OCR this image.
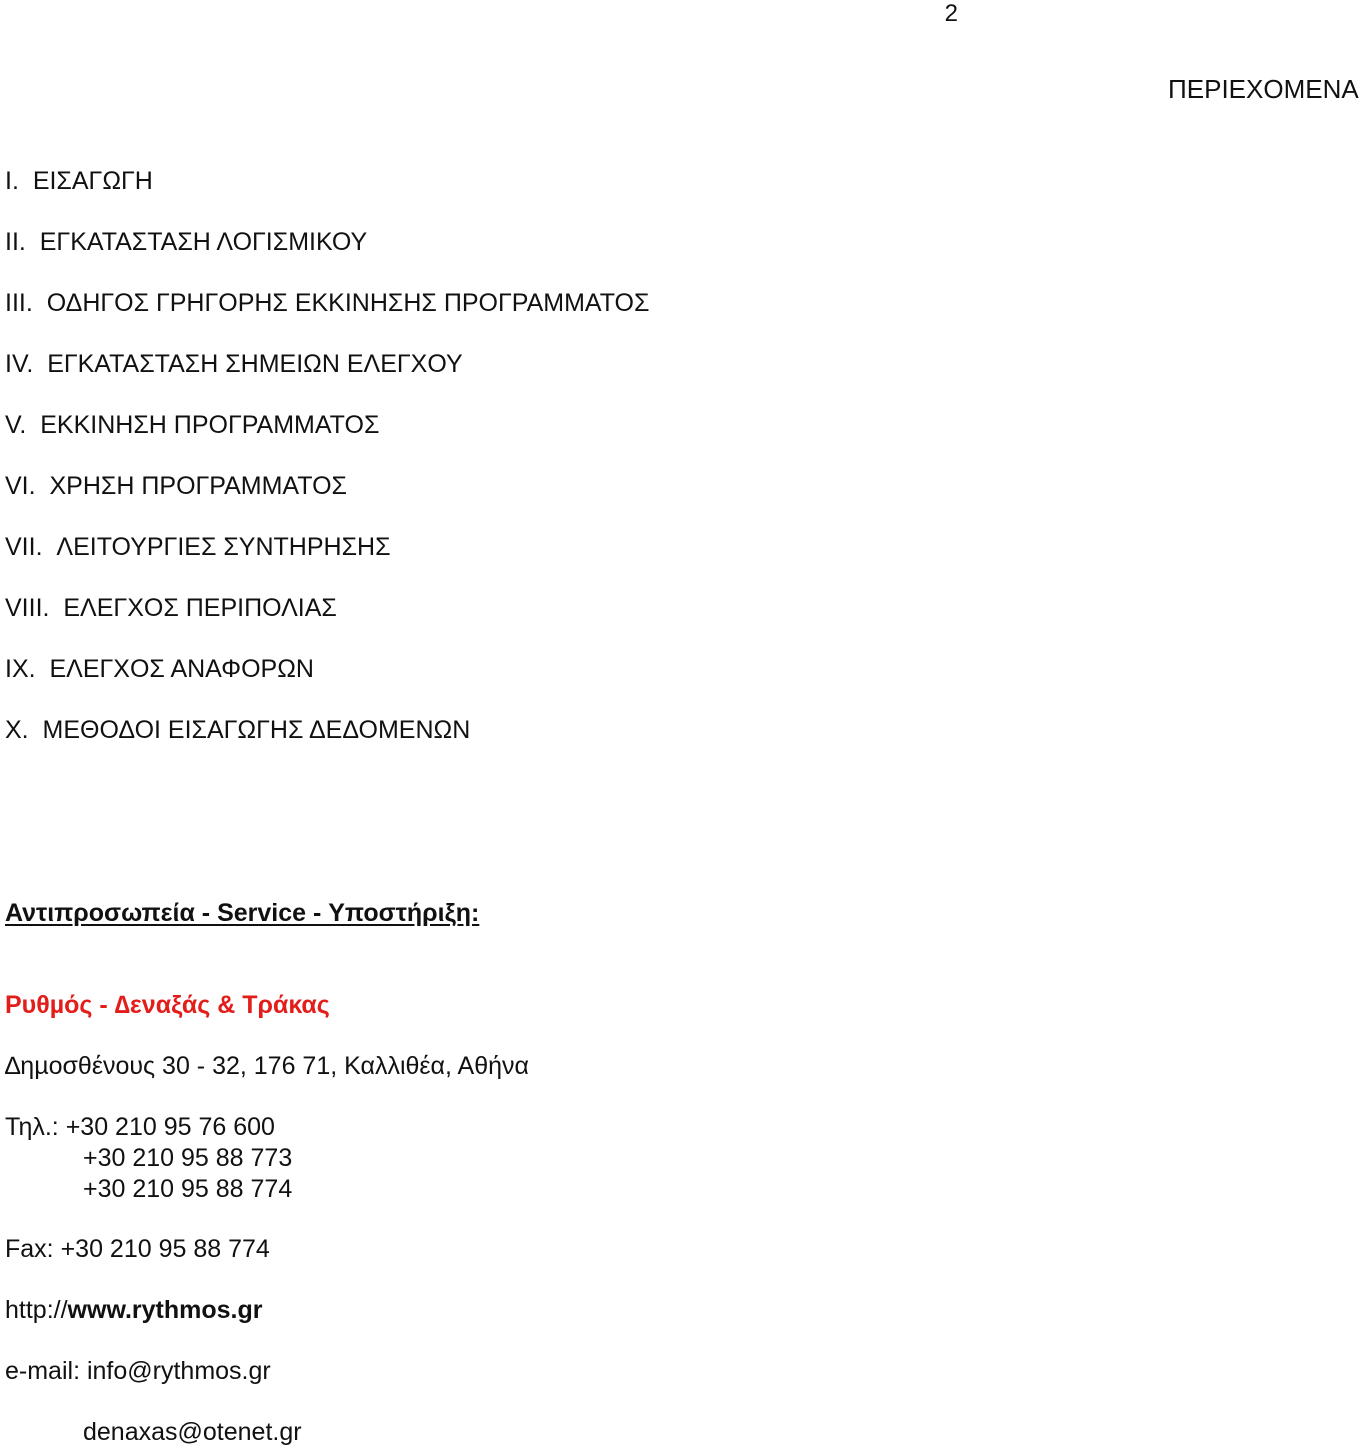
2
ΠΕΡΙΕΧΟΜΕΝΑ
I. ΕΙΣΑΓΩΓΗ
II. ΕΓΚΑΤΑΣΤΑΣΗ ΛΟΓΙΣΜΙΚΟΥ
III. ΟΔΗΓΟΣ ΓΡΗΓΟΡΗΣ ΕΚΚΙΝΗΣΗΣ ΠΡΟΓΡΑΜΜΑΤΟΣ
IV. ΕΓΚΑΤΑΣΤΑΣΗ ΣΗΜΕΙΩΝ ΕΛΕΓΧΟΥ
V. ΕΚΚΙΝΗΣΗ ΠΡΟΓΡΑΜΜΑΤΟΣ
VI. ΧΡΗΣΗ ΠΡΟΓΡΑΜΜΑΤΟΣ
VII. ΛΕΙΤΟΥΡΓΙΕΣ ΣΥΝΤΗΡΗΣΗΣ
VIII. ΕΛΕΓΧΟΣ ΠΕΡΙΠΟΛΙΑΣ
IX. ΕΛΕΓΧΟΣ ΑΝΑΦΟΡΩΝ
X. ΜΕΘΟΔΟΙ ΕΙΣΑΓΩΓΗΣ ΔΕΔΟΜΕΝΩΝ
Αντιπροσωπεία - Service - Υποστήριξη:
Ρυθµός - ∆εναξάς & Τράκας
∆ηµοσθένους 30 - 32, 176 71, Καλλιθέα, Αθήνα
Τηλ.: +30 210 95 76 600
+30 210 95 88 773
+30 210 95 88 774
Fax: +30 210 95 88 774
http://www.rythmos.gr
e-mail: info@rythmos.gr
denaxas@otenet.gr
